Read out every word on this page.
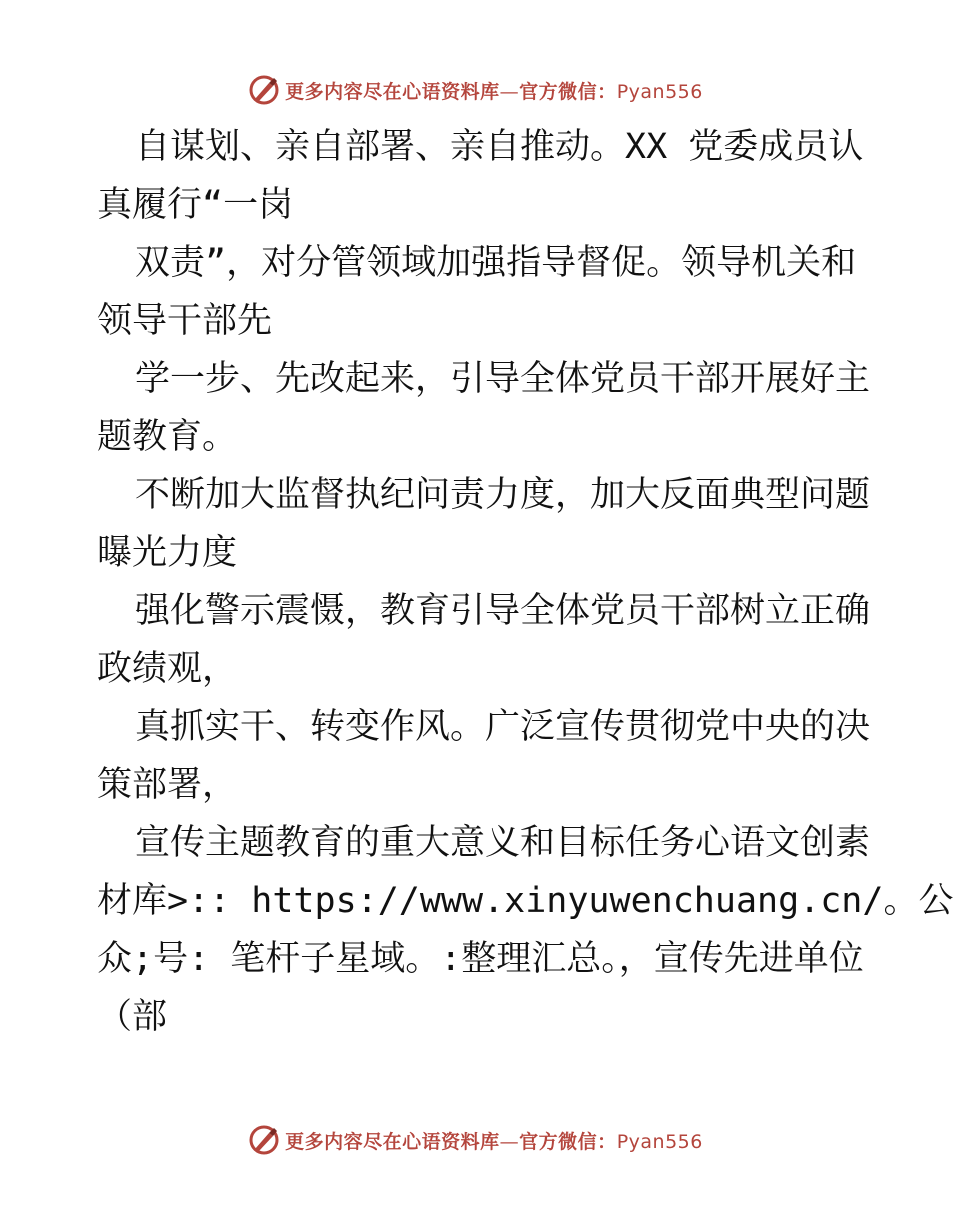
更多内容尽在心语资料库—官方微信：Pyan556
自谋划、亲自部署、亲自推动。XX 党委成员认
真履行“一岗
双责”，对分管领域加强指导督促。领导机关和
领导干部先
学一步、先改起来，引导全体党员干部开展好主
题教育。
不断加大监督执纪问责力度，加大反面典型问题
曝光力度
强化警示震慑，教育引导全体党员干部树立正确
政绩观，
真抓实干、转变作风。广泛宣传贯彻党中央的决
策部署，
宣传主题教育的重大意义和目标任务心语文创素
材库>:: https://www.xinyuwenchuang.cn/。公
众;号: 笔杆子星域。:整理汇总。，宣传先进单位
（部
更多内容尽在心语资料库—官方微信：Pyan556
